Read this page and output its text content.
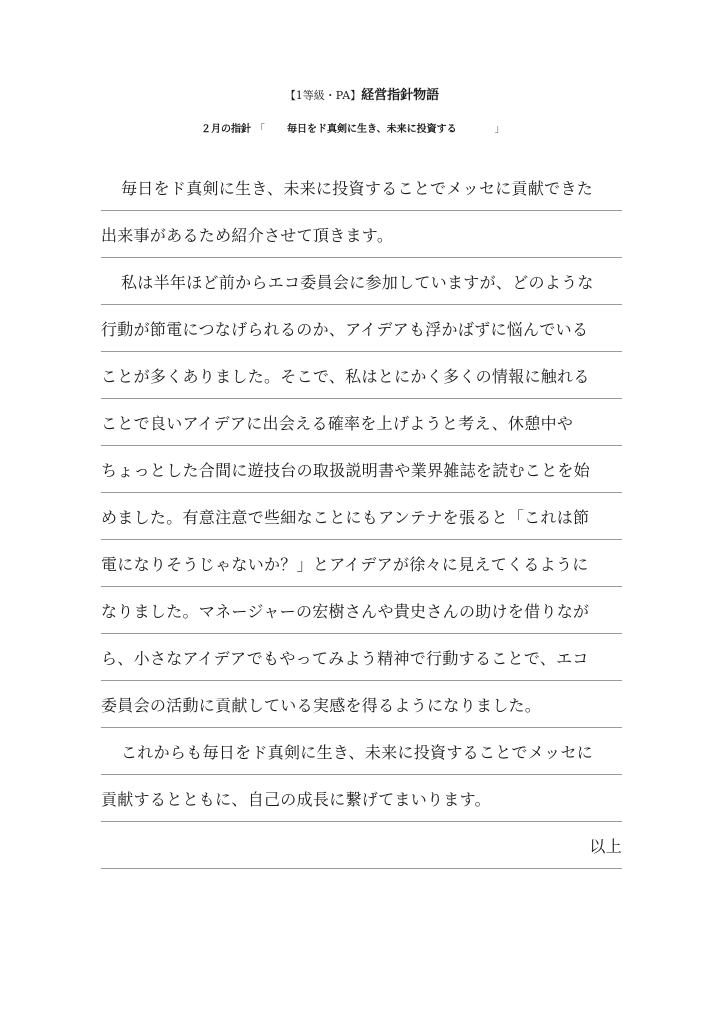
【1等級・PA】経営指針物語
２月の指針 「 毎日をド真剣に生き、未来に投資する	」
毎日をド真剣に生き、未来に投資することでメッセに貢献できた
出来事があるため紹介させて頂きます。
私は半年ほど前からエコ委員会に参加していますが、どのような
行動が節電につなげられるのか、アイデアも浮かばずに悩んでいる
ことが多くありました。そこで、私はとにかく多くの情報に触れる
ことで良いアイデアに出会える確率を上げようと考え、休憩中や
ちょっとした合間に遊技台の取扱説明書や業界雑誌を読むことを始
めました。有意注意で些細なことにもアンテナを張ると「これは節
電になりそうじゃないか？」とアイデアが徐々に見えてくるように
なりました。マネージャーの宏樹さんや貴史さんの助けを借りなが
ら、小さなアイデアでもやってみよう精神で行動することで、エコ
委員会の活動に貢献している実感を得るようになりました。
これからも毎日をド真剣に生き、未来に投資することでメッセに
貢献するとともに、自己の成長に繋げてまいります。
以上
